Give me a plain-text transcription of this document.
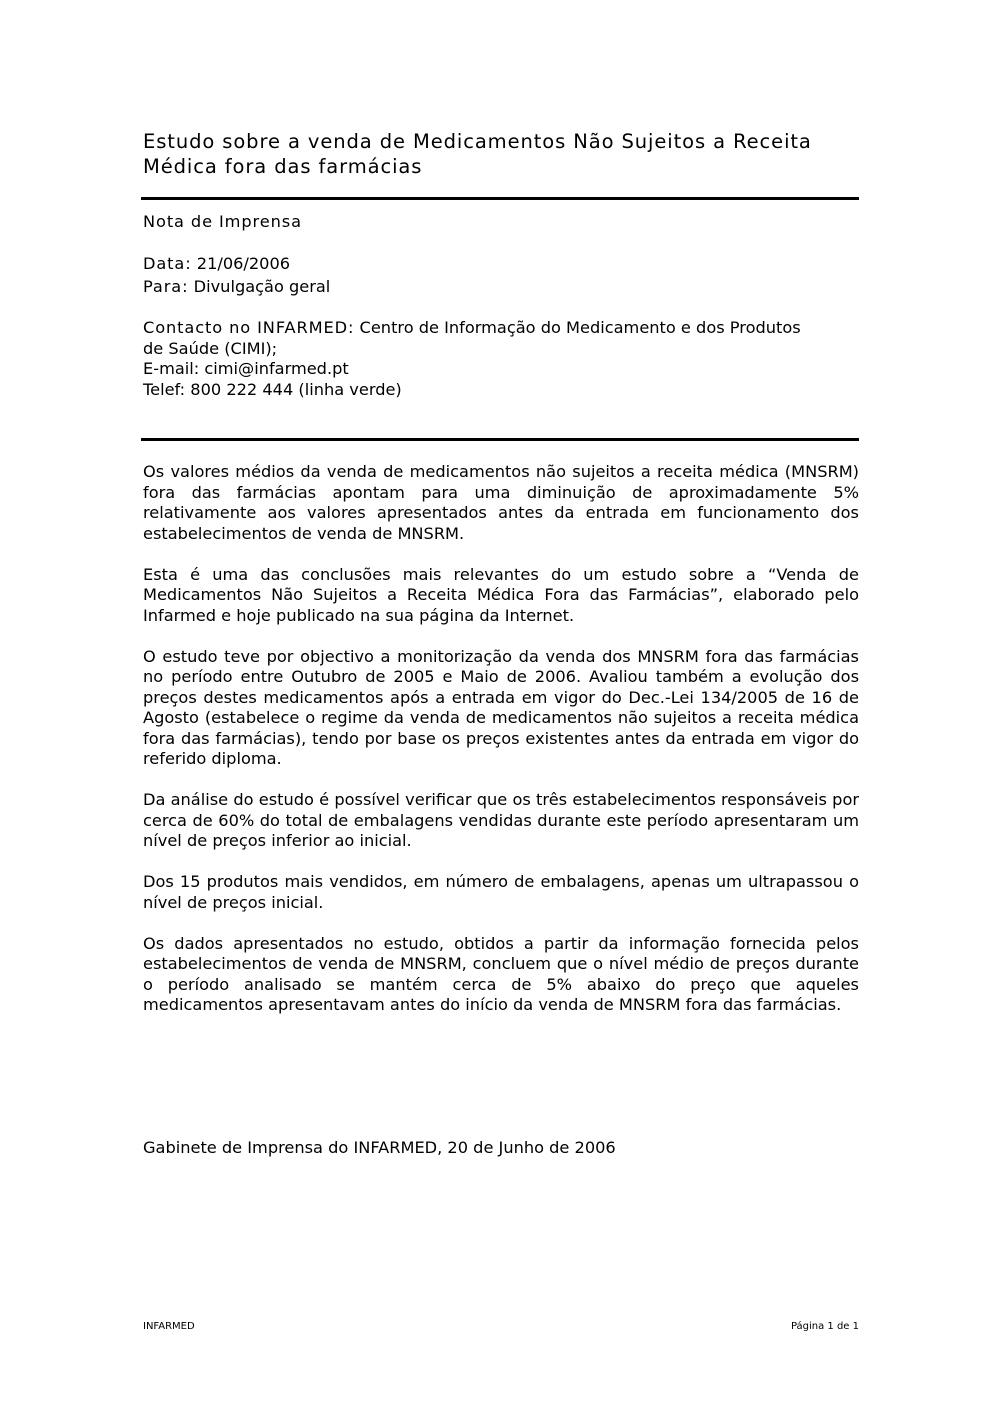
Estudo sobre a venda de Medicamentos Não Sujeitos a Receita
Médica fora das farmácias
Nota de Imprensa
Data: 21/06/2006
Para: Divulgação geral
Contacto no INFARMED: Centro de Informação do Medicamento e dos Produtos
de Saúde (CIMI);
E-mail: cimi@infarmed.pt
Telef: 800 222 444 (linha verde)

Os valores médios da venda de medicamentos não sujeitos a receita médica (MNSRM) fora das farmácias apontam para uma diminuição de aproximadamente 5% relativamente aos valores apresentados antes da entrada em funcionamento dos estabelecimentos de venda de MNSRM.

Esta é uma das conclusões mais relevantes do um estudo sobre a “Venda de Medicamentos Não Sujeitos a Receita Médica Fora das Farmácias”, elaborado pelo Infarmed e hoje publicado na sua página da Internet.

O estudo teve por objectivo a monitorização da venda dos MNSRM fora das farmácias no período entre Outubro de 2005 e Maio de 2006. Avaliou também a evolução dos preços destes medicamentos após a entrada em vigor do Dec.-Lei 134/2005 de 16 de Agosto (estabelece o regime da venda de medicamentos não sujeitos a receita médica fora das farmácias), tendo por base os preços existentes antes da entrada em vigor do referido diploma.

Da análise do estudo é possível verificar que os três estabelecimentos responsáveis por cerca de 60% do total de embalagens vendidas durante este período apresentaram um nível de preços inferior ao inicial.

Dos 15 produtos mais vendidos, em número de embalagens, apenas um ultrapassou o nível de preços inicial.

Os dados apresentados no estudo, obtidos a partir da informação fornecida pelos estabelecimentos de venda de MNSRM, concluem que o nível médio de preços durante o período analisado se mantém cerca de 5% abaixo do preço que aqueles medicamentos apresentavam antes do início da venda de MNSRM fora das farmácias.

Gabinete de Imprensa do INFARMED, 20 de Junho de 2006
INFARMED	Página 1 de 1
